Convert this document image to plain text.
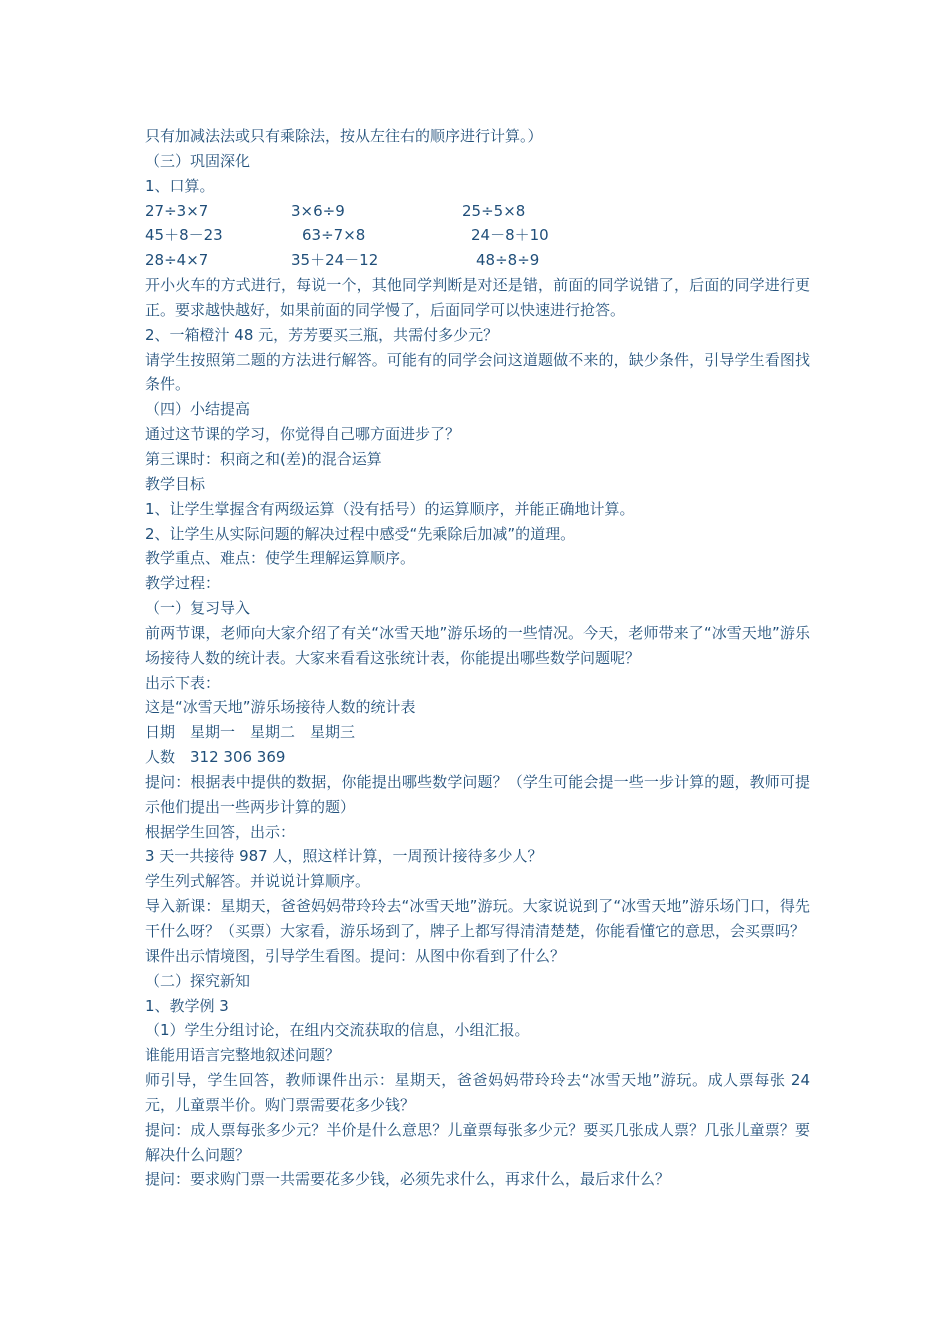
只有加减法法或只有乘除法，按从左往右的顺序进行计算。）
（三）巩固深化
1、口算。
27÷3×7	3×6÷9	25÷5×8
45＋8－23	63÷7×8	24－8＋10
28÷4×7	35＋24－12	48÷8÷9
开小火车的方式进行，每说一个，其他同学判断是对还是错，前面的同学说错了，后面的同学进行更正。要求越快越好，如果前面的同学慢了，后面同学可以快速进行抢答。
2、一箱橙汁 48 元，芳芳要买三瓶，共需付多少元？
请学生按照第二题的方法进行解答。可能有的同学会问这道题做不来的，缺少条件，引导学生看图找条件。
（四）小结提高
通过这节课的学习，你觉得自己哪方面进步了？
第三课时：积商之和(差)的混合运算
教学目标
1、让学生掌握含有两级运算（没有括号）的运算顺序，并能正确地计算。
2、让学生从实际问题的解决过程中感受“先乘除后加减”的道理。
教学重点、难点：使学生理解运算顺序。
教学过程：
（一）复习导入
前两节课，老师向大家介绍了有关“冰雪天地”游乐场的一些情况。今天，老师带来了“冰雪天地”游乐场接待人数的统计表。大家来看看这张统计表，你能提出哪些数学问题呢？
出示下表：
这是“冰雪天地”游乐场接待人数的统计表
日期　星期一　星期二　星期三
人数　312 306 369
提问：根据表中提供的数据，你能提出哪些数学问题？（学生可能会提一些一步计算的题，教师可提示他们提出一些两步计算的题）
根据学生回答，出示：
3 天一共接待 987 人，照这样计算，一周预计接待多少人？
学生列式解答。并说说计算顺序。
导入新课：星期天，爸爸妈妈带玲玲去“冰雪天地”游玩。大家说说到了“冰雪天地”游乐场门口，得先干什么呀？（买票）大家看，游乐场到了，牌子上都写得清清楚楚，你能看懂它的意思，会买票吗？
课件出示情境图，引导学生看图。提问：从图中你看到了什么？
（二）探究新知
1、教学例 3
（1）学生分组讨论，在组内交流获取的信息，小组汇报。
谁能用语言完整地叙述问题？
师引导，学生回答，教师课件出示：星期天，爸爸妈妈带玲玲去“冰雪天地”游玩。成人票每张 24 元，儿童票半价。购门票需要花多少钱？
提问：成人票每张多少元？半价是什么意思？儿童票每张多少元？要买几张成人票？几张儿童票？要解决什么问题？
提问：要求购门票一共需要花多少钱，必须先求什么，再求什么，最后求什么？
